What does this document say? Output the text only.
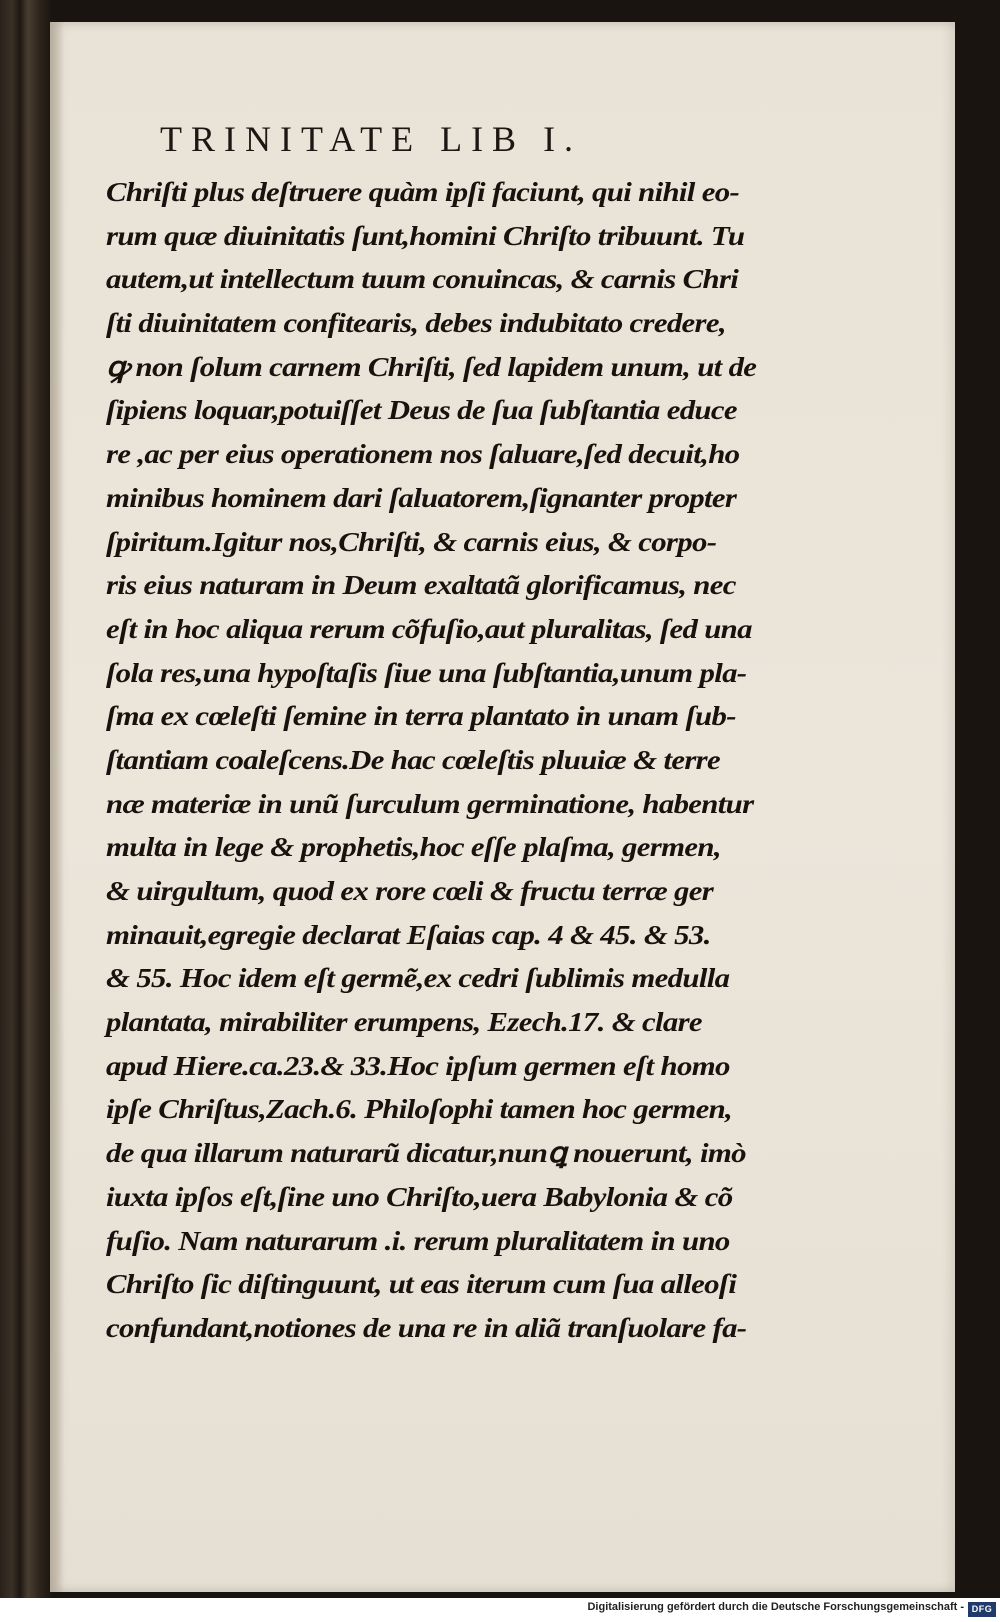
TRINITATE LIB I.
Chriſti plus deſtruere quàm ipſi faciunt, qui nihil eo-
rum quæ diuinitatis ſunt,homini Chriſto tribuunt. Tu
autem,ut intellectum tuum conuincas, & carnis Chri
ſti diuinitatem confitearis, debes indubitato credere,
ꝙ non ſolum carnem Chriſti, ſed lapidem unum, ut de
ſipiens loquar,potuiſſet Deus de ſua ſubſtantia educe
re ,ac per eius operationem nos ſaluare,ſed decuit,ho
minibus hominem dari ſaluatorem,ſignanter propter
ſpiritum.Igitur nos,Chriſti, & carnis eius, & corpo-
ris eius naturam in Deum exaltatã glorificamus, nec
eſt in hoc aliqua rerum cõfuſio,aut pluralitas, ſed una
ſola res,una hypoſtaſis ſiue una ſubſtantia,unum pla-
ſma ex cœleſti ſemine in terra plantato in unam ſub-
ſtantiam coaleſcens.De hac cœleſtis pluuiæ & terre
næ materiæ in unũ ſurculum germinatione, habentur
multa in lege & prophetis,hoc eſſe plaſma, germen,
& uirgultum, quod ex rore cœli & fructu terræ ger
minauit,egregie declarat Eſaias cap. 4 & 45. & 53.
& 55. Hoc idem eſt germẽ,ex cedri ſublimis medulla
plantata, mirabiliter erumpens, Ezech.17. & clare
apud Hiere.ca.23.& 33.Hoc ipſum germen eſt homo
ipſe Chriſtus,Zach.6. Philoſophi tamen hoc germen,
de qua illarum naturarũ dicatur,nunꝗ nouerunt, imò
iuxta ipſos eſt,ſine uno Chriſto,uera Babylonia & cõ
fuſio. Nam naturarum .i. rerum pluralitatem in uno
Chriſto ſic diſtinguunt, ut eas iterum cum ſua alleoſi
confundant,notiones de una re in aliã tranſuolare fa-
Digitalisierung gefördert durch die Deutsche Forschungsgemeinschaft - DFG
